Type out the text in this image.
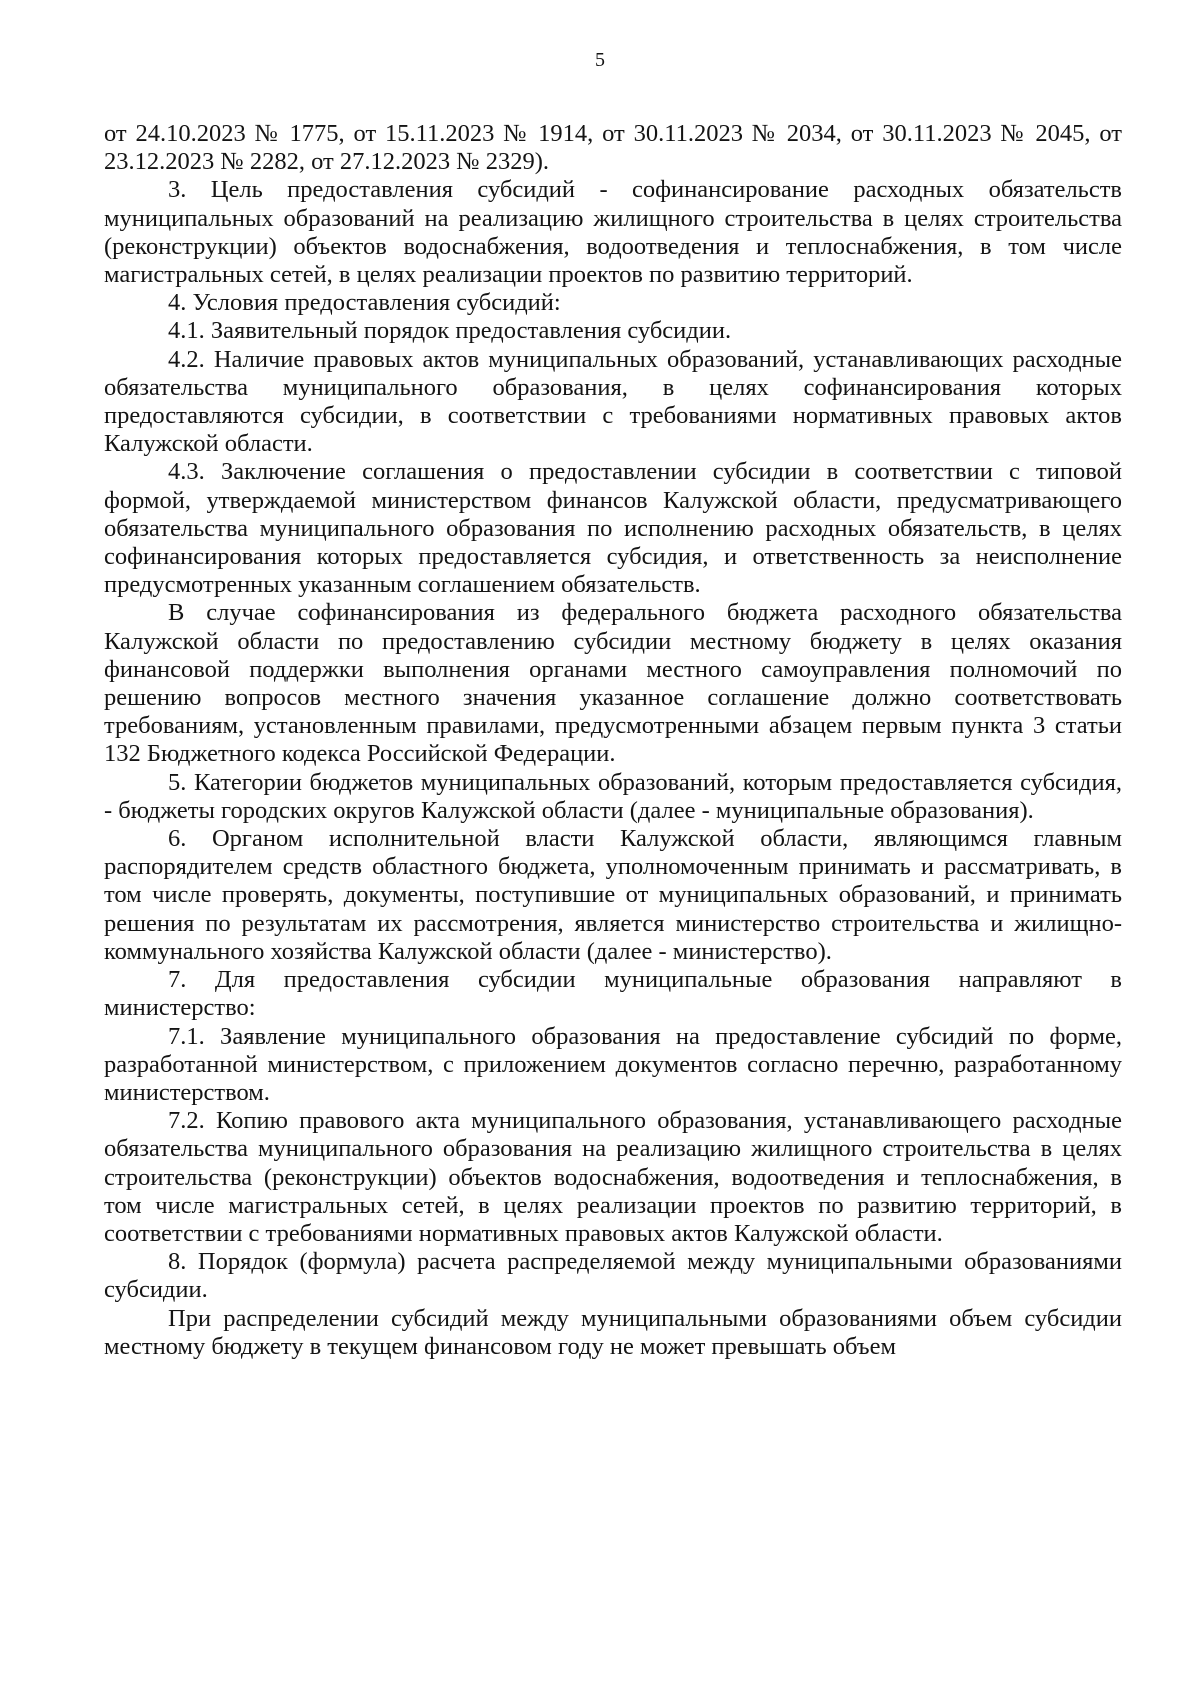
5

от 24.10.2023 № 1775, от 15.11.2023 № 1914, от 30.11.2023 № 2034, от 30.11.2023 № 2045, от 23.12.2023 № 2282, от 27.12.2023 № 2329).

3. Цель предоставления субсидий - софинансирование расходных обязательств муниципальных образований на реализацию жилищного строительства в целях строительства (реконструкции) объектов водоснабжения, водоотведения и теплоснабжения, в том числе магистральных сетей, в целях реализации проектов по развитию территорий.

4. Условия предоставления субсидий:

4.1. Заявительный порядок предоставления субсидии.

4.2. Наличие правовых актов муниципальных образований, устанавливающих расходные обязательства муниципального образования, в целях софинансирования которых предоставляются субсидии, в соответствии с требованиями нормативных правовых актов Калужской области.

4.3. Заключение соглашения о предоставлении субсидии в соответствии с типовой формой, утверждаемой министерством финансов Калужской области, предусматривающего обязательства муниципального образования по исполнению расходных обязательств, в целях софинансирования которых предоставляется субсидия, и ответственность за неисполнение предусмотренных указанным соглашением обязательств.

В случае софинансирования из федерального бюджета расходного обязательства Калужской области по предоставлению субсидии местному бюджету в целях оказания финансовой поддержки выполнения органами местного самоуправления полномочий по решению вопросов местного значения указанное соглашение должно соответствовать требованиям, установленным правилами, предусмотренными абзацем первым пункта 3 статьи 132 Бюджетного кодекса Российской Федерации.

5. Категории бюджетов муниципальных образований, которым предоставляется субсидия, - бюджеты городских округов Калужской области (далее - муниципальные образования).

6. Органом исполнительной власти Калужской области, являющимся главным распорядителем средств областного бюджета, уполномоченным принимать и рассматривать, в том числе проверять, документы, поступившие от муниципальных образований, и принимать решения по результатам их рассмотрения, является министерство строительства и жилищно-коммунального хозяйства Калужской области (далее - министерство).

7. Для предоставления субсидии муниципальные образования направляют в министерство:

7.1. Заявление муниципального образования на предоставление субсидий по форме, разработанной министерством, с приложением документов согласно перечню, разработанному министерством.

7.2. Копию правового акта муниципального образования, устанавливающего расходные обязательства муниципального образования на реализацию жилищного строительства в целях строительства (реконструкции) объектов водоснабжения, водоотведения и теплоснабжения, в том числе магистральных сетей, в целях реализации проектов по развитию территорий, в соответствии с требованиями нормативных правовых актов Калужской области.

8. Порядок (формула) расчета распределяемой между муниципальными образованиями субсидии.

При распределении субсидий между муниципальными образованиями объем субсидии местному бюджету в текущем финансовом году не может превышать объем
